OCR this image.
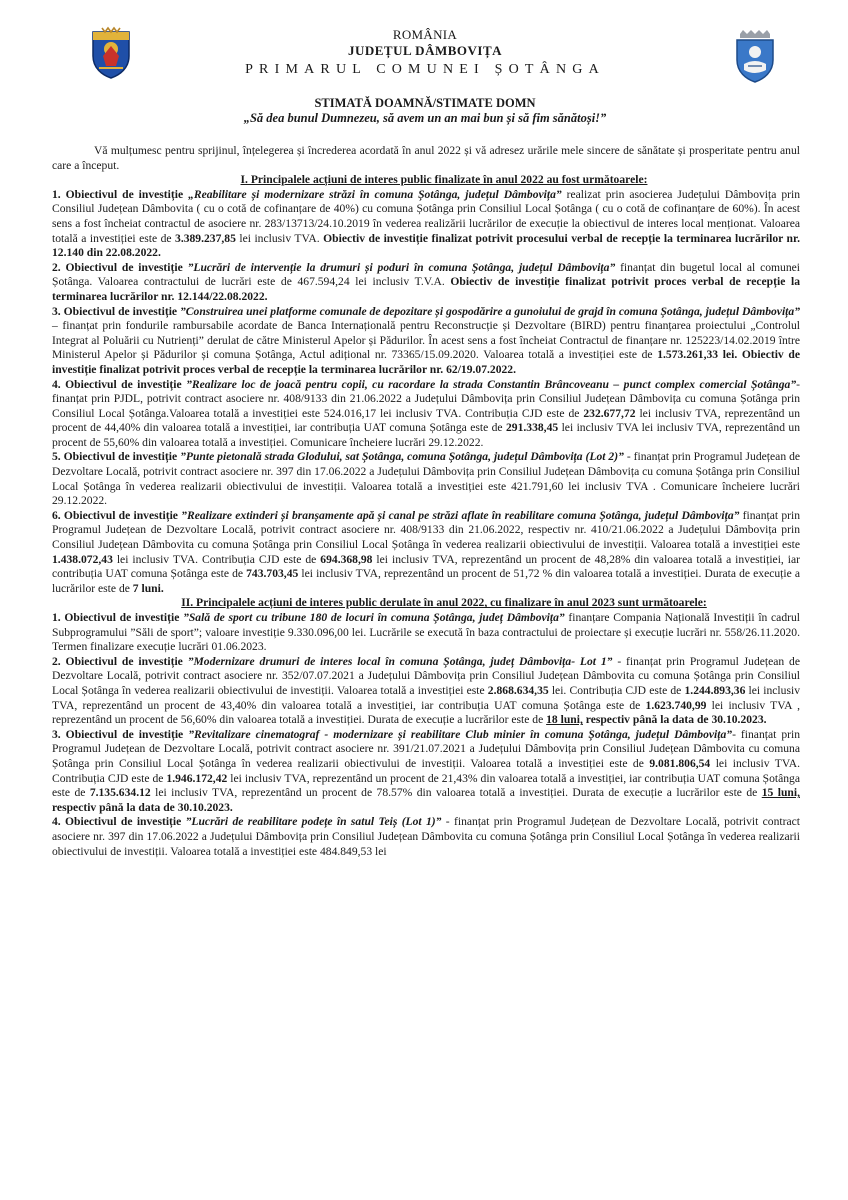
ROMÂNIA
JUDEȚUL DÂMBOVIȚA
PRIMARUL COMUNEI ȘOTÂNGA
STIMATĂ DOAMNĂ/STIMATE DOMN
„Să dea bunul Dumnezeu, să avem un an mai bun și să fim sănătoși!”

Vă mulțumesc pentru sprijinul, înțelegerea și încrederea acordată în anul 2022 și vă adresez urările mele sincere de sănătate și prosperitate pentru anul care a început.

I. Principalele acțiuni de interes public finalizate în anul 2022 au fost următoarele:

1. Obiectivul de investiție „Reabilitare și modernizare străzi în comuna Șotânga, județul Dâmbovița” realizat prin asocierea Județului Dâmbovița prin Consiliul Județean Dâmbovita ( cu o cotă de cofinanțare de 40%) cu comuna Șotânga prin Consiliul Local Șotânga ( cu o cotă de cofinanțare de 60%). În acest sens a fost încheiat contractul de asociere nr. 283/13713/24.10.2019 în vederea realizării lucrărilor de execuție la obiectivul de interes local menționat. Valoarea totală a investiției este de 3.389.237,85 lei inclusiv TVA. Obiectiv de investiție finalizat potrivit procesului verbal de recepție la terminarea lucrărilor nr. 12.140 din 22.08.2022.

2. Obiectivul de investiție ”Lucrări de intervenție la drumuri și poduri în comuna Șotânga, județul Dâmbovița” finanțat din bugetul local al comunei Șotânga. Valoarea contractului de lucrări este de 467.594,24 lei inclusiv T.V.A. Obiectiv de investiție finalizat potrivit proces verbal de recepție la terminarea lucrărilor nr. 12.144/22.08.2022.

3. Obiectivul de investiție ”Construirea unei platforme comunale de depozitare și gospodărire a gunoiului de grajd în comuna Șotânga, județul Dâmbovița” – finanțat prin fondurile rambursabile acordate de Banca Internațională pentru Reconstrucție și Dezvoltare (BIRD) pentru finanțarea proiectului „Controlul Integrat al Poluării cu Nutrienți” derulat de către Ministerul Apelor și Pădurilor. În acest sens a fost încheiat Contractul de finanțare nr. 125223/14.02.2019 între Ministerul Apelor și Pădurilor și comuna Șotânga, Actul adițional nr. 73365/15.09.2020. Valoarea totală a investiției este de 1.573.261,33 lei. Obiectiv de investiție finalizat potrivit proces verbal de recepție la terminarea lucrărilor nr. 62/19.07.2022.

4. Obiectivul de investiție ”Realizare loc de joacă pentru copii, cu racordare la strada Constantin Brâncoveanu – punct complex comercial Șotânga”- finanțat prin PJDL, potrivit contract asociere nr. 408/9133 din 21.06.2022 a Județului Dâmbovița prin Consiliul Județean Dâmbovița cu comuna Șotânga prin Consiliul Local Șotânga.Valoarea totală a investiției este 524.016,17 lei inclusiv TVA. Contribuția CJD este de 232.677,72 lei inclusiv TVA, reprezentând un procent de 44,40% din valoarea totală a investiției, iar contribuția UAT comuna Șotânga este de 291.338,45 lei inclusiv TVA lei inclusiv TVA, reprezentând un procent de 55,60% din valoarea totală a investiției. Comunicare încheiere lucrări 29.12.2022.

5. Obiectivul de investiție ”Punte pietonală strada Glodului, sat Șotânga, comuna Șotânga, județul Dâmbovița (Lot 2)” - finanțat prin Programul Județean de Dezvoltare Locală, potrivit contract asociere nr. 397 din 17.06.2022 a Județului Dâmbovița prin Consiliul Județean Dâmbovița cu comuna Șotânga prin Consiliul Local Șotânga în vederea realizarii obiectivului de investiții. Valoarea totală a investiției este 421.791,60 lei inclusiv TVA . Comunicare încheiere lucrări 29.12.2022.

6. Obiectivul de investiție ”Realizare extinderi și branșamente apă și canal pe străzi aflate în reabilitare comuna Șotânga, județul Dâmbovița” finanțat prin Programul Județean de Dezvoltare Locală, potrivit contract asociere nr. 408/9133 din 21.06.2022, respectiv nr. 410/21.06.2022 a Județului Dâmbovița prin Consiliul Județean Dâmbovita cu comuna Șotânga prin Consiliul Local Șotânga în vederea realizarii obiectivului de investiții. Valoarea totală a investiției este 1.438.072,43 lei inclusiv TVA. Contribuția CJD este de 694.368,98 lei inclusiv TVA, reprezentând un procent de 48,28% din valoarea totală a investiției, iar contribuția UAT comuna Șotânga este de 743.703,45 lei inclusiv TVA, reprezentând un procent de 51,72 % din valoarea totală a investiției. Durata de execuție a lucrărilor este de 7 luni.

II. Principalele acțiuni de interes public derulate în anul 2022, cu finalizare în anul 2023 sunt următoarele:

1. Obiectivul de investiție ”Sală de sport cu tribune 180 de locuri în comuna Șotânga, județ Dâmbovița” finanțare Compania Națională Investiții în cadrul Subprogramului ”Săli de sport”; valoare investiție 9.330.096,00 lei. Lucrările se execută în baza contractului de proiectare și execuție lucrări nr. 558/26.11.2020. Termen finalizare execuție lucrări 01.06.2023.

2. Obiectivul de investiție ”Modernizare drumuri de interes local în comuna Șotânga, județ Dâmbovița- Lot 1” - finanțat prin Programul Județean de Dezvoltare Locală, potrivit contract asociere nr. 352/07.07.2021 a Județului Dâmbovița prin Consiliul Județean Dâmbovita cu comuna Șotânga prin Consiliul Local Șotânga în vederea realizarii obiectivului de investiții. Valoarea totală a investiției este 2.868.634,35 lei. Contribuția CJD este de 1.244.893,36 lei inclusiv TVA, reprezentând un procent de 43,40% din valoarea totală a investiției, iar contribuția UAT comuna Șotânga este de 1.623.740,99 lei inclusiv TVA , reprezentând un procent de 56,60% din valoarea totală a investiției. Durata de execuție a lucrărilor este de 18 luni, respectiv până la data de 30.10.2023.

3. Obiectivul de investiție ”Revitalizare cinematograf - modernizare și reabilitare Club minier în comuna Șotânga, județul Dâmbovița”- finanțat prin Programul Județean de Dezvoltare Locală, potrivit contract asociere nr. 391/21.07.2021 a Județului Dâmbovița prin Consiliul Județean Dâmbovita cu comuna Șotânga prin Consiliul Local Șotânga în vederea realizarii obiectivului de investiții. Valoarea totală a investiției este de 9.081.806,54 lei inclusiv TVA. Contribuția CJD este de 1.946.172,42 lei inclusiv TVA, reprezentând un procent de 21,43% din valoarea totală a investiției, iar contribuția UAT comuna Șotânga este de 7.135.634.12 lei inclusiv TVA, reprezentând un procent de 78.57% din valoarea totală a investiției. Durata de execuție a lucrărilor este de 15 luni, respectiv până la data de 30.10.2023.

4. Obiectivul de investiție ”Lucrări de reabilitare podețe în satul Teiș (Lot 1)” - finanțat prin Programul Județean de Dezvoltare Locală, potrivit contract asociere nr. 397 din 17.06.2022 a Județului Dâmbovița prin Consiliul Județean Dâmbovita cu comuna Șotânga prin Consiliul Local Șotânga în vederea realizarii obiectivului de investiții. Valoarea totală a investiției este 484.849,53 lei
